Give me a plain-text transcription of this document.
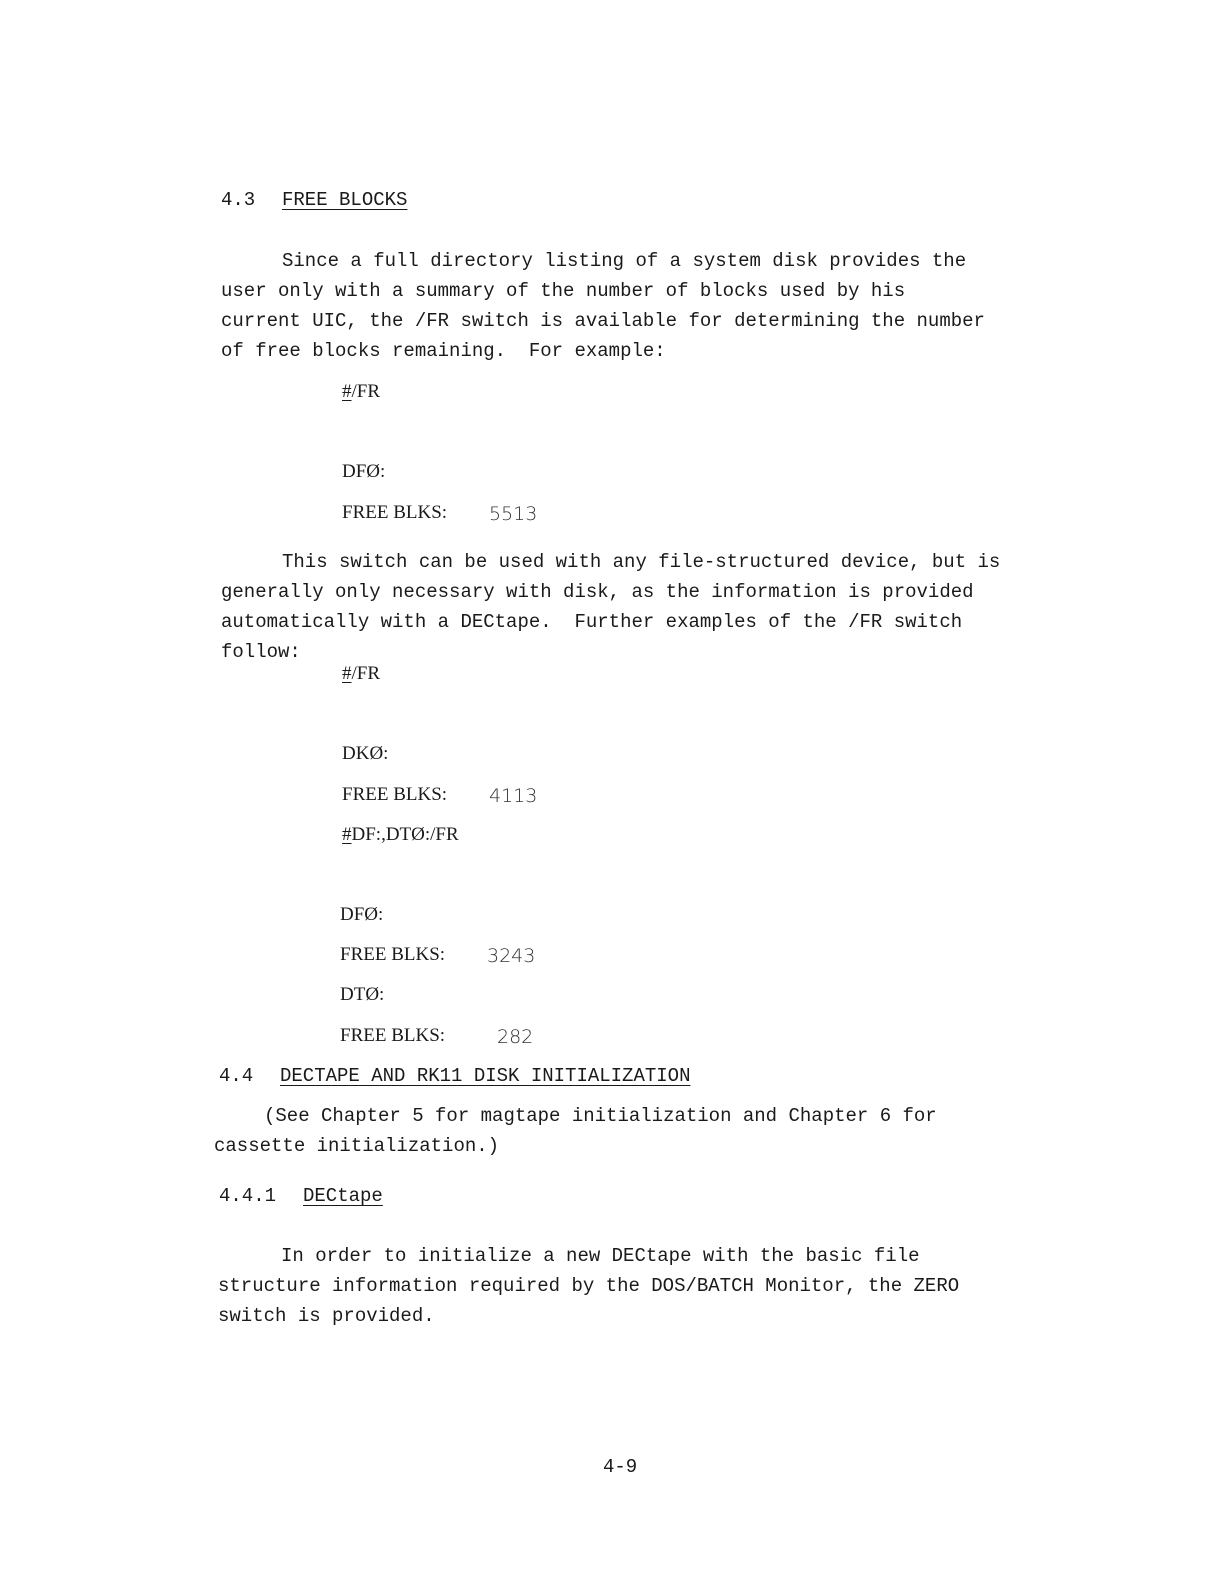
4.3 FREE BLOCKS
Since a full directory listing of a system disk provides the
user only with a summary of the number of blocks used by his
current UIC, the /FR switch is available for determining the number
of free blocks remaining.  For example:
#/FR
DFØ:
FREE BLKS: 5513
This switch can be used with any file-structured device, but is
generally only necessary with disk, as the information is provided
automatically with a DECtape.  Further examples of the /FR switch
follow:
#/FR
DKØ:
FREE BLKS: 4113
#DF:,DTØ:/FR
DFØ:
FREE BLKS: 3243
DTØ:
FREE BLKS:	282
4.4 DECTAPE AND RK11 DISK INITIALIZATION
(See Chapter 5 for magtape initialization and Chapter 6 for
cassette initialization.)
4.4.1 DECtape
In order to initialize a new DECtape with the basic file
structure information required by the DOS/BATCH Monitor, the ZERO
switch is provided.
4-9
